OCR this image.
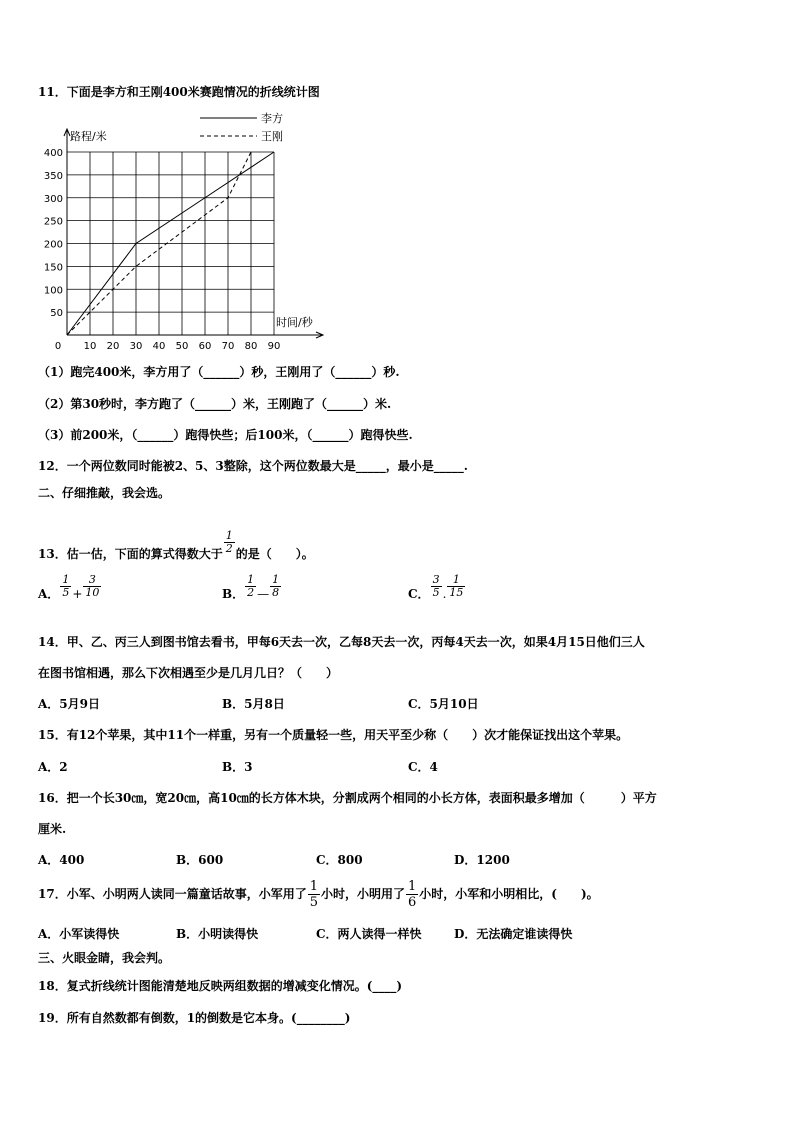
11．下面是李方和王刚400米赛跑情况的折线统计图
10 20 30 40 50 60 70 80 90
50
100
150
200
250
300
350
400
0
路程/米
时间/秒
李方
王刚
（1）跑完400米，李方用了（______）秒，王刚用了（______）秒.
（2）第30秒时，李方跑了（______）米，王刚跑了（______）米.
（3）前200米，（______）跑得快些；后100米，（______）跑得快些.
12．一个两位数同时能被2、5、3整除，这个两位数最大是_____，最小是_____.
二、仔细推敲，我会选。
13．估一估，下面的算式得数大于 $\frac{1}{2}$ 的是（　　）。
A． $\frac{1}{5} + \frac{3}{10}$	B． $\frac{1}{2}$ — $\frac{1}{8}$	C． $\frac{3}{5}$ . $\frac{1}{15}$
14．甲、乙、丙三人到图书馆去看书，甲每6天去一次，乙每8天去一次，丙每4天去一次，如果4月15日他们三人
在图书馆相遇，那么下次相遇至少是几月几日？（　　）
A．5月9日	B．5月8日	C．5月10日
15．有12个苹果，其中11个一样重，另有一个质量轻一些，用天平至少称（　　）次才能保证找出这个苹果。
A．2	B．3	C．4
16．把一个长30㎝，宽20㎝，高10㎝的长方体木块，分割成两个相同的小长方体，表面积最多增加（　　　）平方
厘米.
A．400	B．600	C．800	D．1200
17．小军、小明两人读同一篇童话故事，小军用了 $\frac{1}{5}$ 小时，小明用了 $\frac{1}{6}$ 小时，小军和小明相比，(　　)。
A．小军读得快	B．小明读得快	C．两人读得一样快	D．无法确定谁读得快
三、火眼金睛，我会判。
18．复式折线统计图能清楚地反映两组数据的增减变化情况。(____)
19．所有自然数都有倒数，1的倒数是它本身。(________)
